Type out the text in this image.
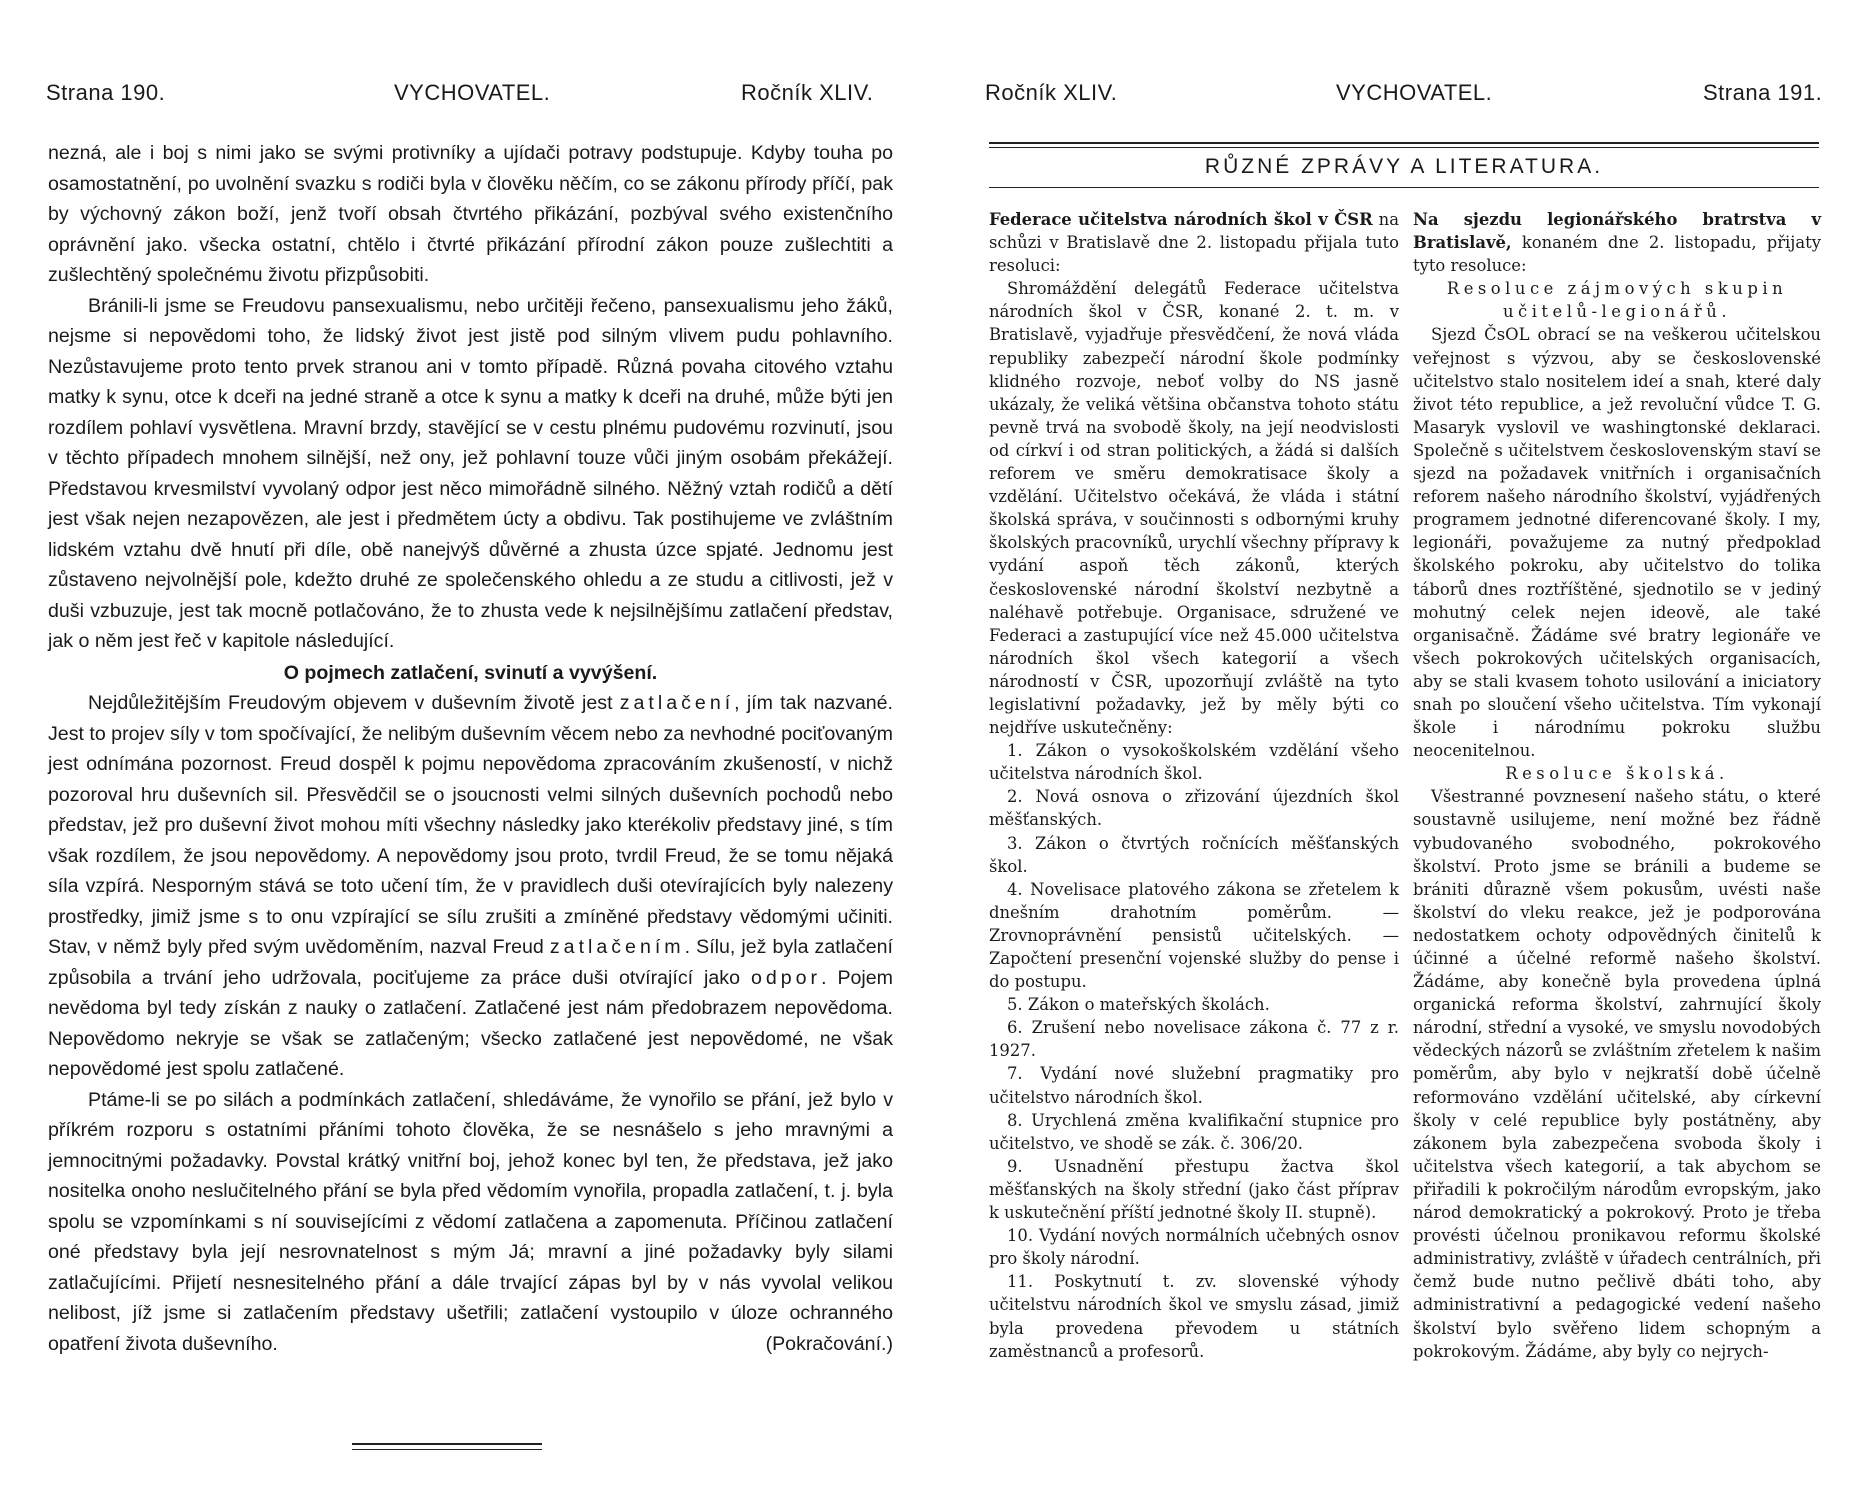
Strana 190.	VYCHOVATEL.	Ročník XLIV.

nezná, ale i boj s nimi jako se svými protivníky a ujídači potravy podstupuje. Kdyby touha po osamostatnění, po uvolnění svazku s rodiči byla v člověku něčím, co se zákonu přírody příčí, pak by výchovný zákon boží, jenž tvoří obsah čtvrtého přikázání, pozbýval svého existenčního oprávnění jako. všecka ostatní, chtělo i čtvrté přikázání přírodní zákon pouze zušlechtiti a zušlechtěný společnému životu přizpůsobiti.

Bránili-li jsme se Freudovu pansexualismu, nebo určitěji řečeno, pansexualismu jeho žáků, nejsme si nepovědomi toho, že lidský život jest jistě pod silným vlivem pudu pohlavního. Nezůstavujeme proto tento prvek stranou ani v tomto případě. Různá povaha citového vztahu matky k synu, otce k dceři na jedné straně a otce k synu a matky k dceři na druhé, může býti jen rozdílem pohlaví vysvětlena. Mravní brzdy, stavějící se v cestu plnému pudovému rozvinutí, jsou v těchto případech mnohem silnější, než ony, jež pohlavní touze vůči jiným osobám překážejí. Představou krvesmilství vyvolaný odpor jest něco mimořádně silného. Něžný vztah rodičů a dětí jest však nejen nezapovězen, ale jest i předmětem úcty a obdivu. Tak postihujeme ve zvláštním lidském vztahu dvě hnutí při díle, obě nanejvýš důvěrné a zhusta úzce spjaté. Jednomu jest zůstaveno nejvolnější pole, kdežto druhé ze společenského ohledu a ze studu a citlivosti, jež v duši vzbuzuje, jest tak mocně potlačováno, že to zhusta vede k nejsilnějšímu zatlačení představ, jak o něm jest řeč v kapitole následující.

O pojmech zatlačení, svinutí a vyvýšení.

Nejdůležitějším Freudovým objevem v duševním životě jest zatlačení, jím tak nazvané. Jest to projev síly v tom spočívající, že nelibým duševním věcem nebo za nevhodné pociťovaným jest odnímána pozornost. Freud dospěl k pojmu nepovědoma zpracováním zkušeností, v nichž pozoroval hru duševních sil. Přesvědčil se o jsoucnosti velmi silných duševních pochodů nebo představ, jež pro duševní život mohou míti všechny následky jako kterékoliv představy jiné, s tím však rozdílem, že jsou nepovědomy. A nepovědomy jsou proto, tvrdil Freud, že se tomu nějaká síla vzpírá. Nesporným stává se toto učení tím, že v pravidlech duši otevírajících byly nalezeny prostředky, jimiž jsme s to onu vzpírající se sílu zrušiti a zmíněné představy vědomými učiniti. Stav, v němž byly před svým uvědoměním, nazval Freud zatlačením. Sílu, jež byla zatlačení způsobila a trvání jeho udržovala, pociťujeme za práce duši otvírající jako odpor. Pojem nevědoma byl tedy získán z nauky o zatlačení. Zatlačené jest nám předobrazem nepovědoma. Nepovědomo nekryje se však se zatlačeným; všecko zatlačené jest nepovědomé, ne však nepovědomé jest spolu zatlačené.

Ptáme-li se po silách a podmínkách zatlačení, shledáváme, že vynořilo se přání, jež bylo v příkrém rozporu s ostatními přáními tohoto člověka, že se nesnášelo s jeho mravnými a jemnocitnými požadavky. Povstal krátký vnitřní boj, jehož konec byl ten, že představa, jež jako nositelka onoho neslučitelného přání se byla před vědomím vynořila, propadla zatlačení, t. j. byla spolu se vzpomínkami s ní souvisejícími z vědomí zatlačena a zapomenuta. Příčinou zatlačení oné představy byla její nesrovnatelnost s mým Já; mravní a jiné požadavky byly silami zatlačujícími. Přijetí nesnesitelného přání a dále trvající zápas byl by v nás vyvolal velikou nelibost, jíž jsme si zatlačením představy ušetřili; zatlačení vystoupilo v úloze ochranného opatření života duševního.	(Pokračování.)

Ročník XLIV.	VYCHOVATEL.	Strana 191.
RŮZNÉ ZPRÁVY A LITERATURA.

Federace učitelstva národních škol v ČSR na schůzi v Bratislavě dne 2. listopadu přijala tuto resoluci:

Shromáždění delegátů Federace učitelstva národních škol v ČSR, konané 2. t. m. v Bratislavě, vyjadřuje přesvědčení, že nová vláda republiky zabezpečí národní škole podmínky klidného rozvoje, neboť volby do NS jasně ukázaly, že veliká většina občanstva tohoto státu pevně trvá na svobodě školy, na její neodvislosti od církví i od stran politických, a žádá si dalších reforem ve směru demokratisace školy a vzdělání. Učitelstvo očekává, že vláda i státní školská správa, v součinnosti s odbornými kruhy školských pracovníků, urychlí všechny přípravy k vydání aspoň těch zákonů, kterých československé národní školství nezbytně a naléhavě potřebuje. Organisace, sdružené ve Federaci a zastupující více než 45.000 učitelstva národních škol všech kategorií a všech národností v ČSR, upozorňují zvláště na tyto legislativní požadavky, jež by měly býti co nejdříve uskutečněny:

1. Zákon o vysokoškolském vzdělání všeho učitelstva národních škol.
2. Nová osnova o zřizování újezdních škol měšťanských.
3. Zákon o čtvrtých ročnících měšťanských škol.
4. Novelisace platového zákona se zřetelem k dnešním drahotním poměrům. — Zrovnoprávnění pensistů učitelských. — Započtení presenční vojenské služby do pense i do postupu.
5. Zákon o mateřských školách.
6. Zrušení nebo novelisace zákona č. 77 z r. 1927.
7. Vydání nové služební pragmatiky pro učitelstvo národních škol.
8. Urychlená změna kvalifikační stupnice pro učitelstvo, ve shodě se zák. č. 306/20.
9. Usnadnění přestupu žactva škol měšťanských na školy střední (jako část příprav k uskutečnění příští jednotné školy II. stupně).
10. Vydání nových normálních učebných osnov pro školy národní.
11. Poskytnutí t. zv. slovenské výhody učitelstvu národních škol ve smyslu zásad, jimiž byla provedena převodem u státních zaměstnanců a profesorů.

Na sjezdu legionářského bratrstva v Bratislavě, konaném dne 2. listopadu, přijaty tyto resoluce:

Resoluce zájmových skupin učitelů-legionářů.

Sjezd ČsOL obrací se na veškerou učitelskou veřejnost s výzvou, aby se československé učitelstvo stalo nositelem ideí a snah, které daly život této republice, a jež revoluční vůdce T. G. Masaryk vyslovil ve washingtonské deklaraci. Společně s učitelstvem československým staví se sjezd na požadavek vnitřních i organisačních reforem našeho národního školství, vyjádřených programem jednotné diferencované školy. I my, legionáři, považujeme za nutný předpoklad školského pokroku, aby učitelstvo do tolika táborů dnes roztříštěné, sjednotilo se v jediný mohutný celek nejen ideově, ale také organisačně. Žádáme své bratry legionáře ve všech pokrokových učitelských organisacích, aby se stali kvasem tohoto usilování a iniciatory snah po sloučení všeho učitelstva. Tím vykonají škole i národnímu pokroku službu neocenitelnou.

Resoluce školská.

Všestranné povznesení našeho státu, o které soustavně usilujeme, není možné bez řádně vybudovaného svobodného, pokrokového školství. Proto jsme se bránili a budeme se brániti důrazně všem pokusům, uvésti naše školství do vleku reakce, jež je podporována nedostatkem ochoty odpovědných činitelů k účinné a účelné reformě našeho školství. Žádáme, aby konečně byla provedena úplná organická reforma školství, zahrnující školy národní, střední a vysoké, ve smyslu novodobých vědeckých názorů se zvláštním zřetelem k našim poměrům, aby bylo v nejkratší době účelně reformováno vzdělání učitelské, aby církevní školy v celé republice byly postátněny, aby zákonem byla zabezpečena svoboda školy i učitelstva všech kategorií, a tak abychom se přiřadili k pokročilým národům evropským, jako národ demokratický a pokrokový. Proto je třeba provésti účelnou pronikavou reformu školské administrativy, zvláště v úřadech centrálních, při čemž bude nutno pečlivě dbáti toho, aby administrativní a pedagogické vedení našeho školství bylo svěřeno lidem schopným a pokrokovým. Žádáme, aby byly co nejrych-
